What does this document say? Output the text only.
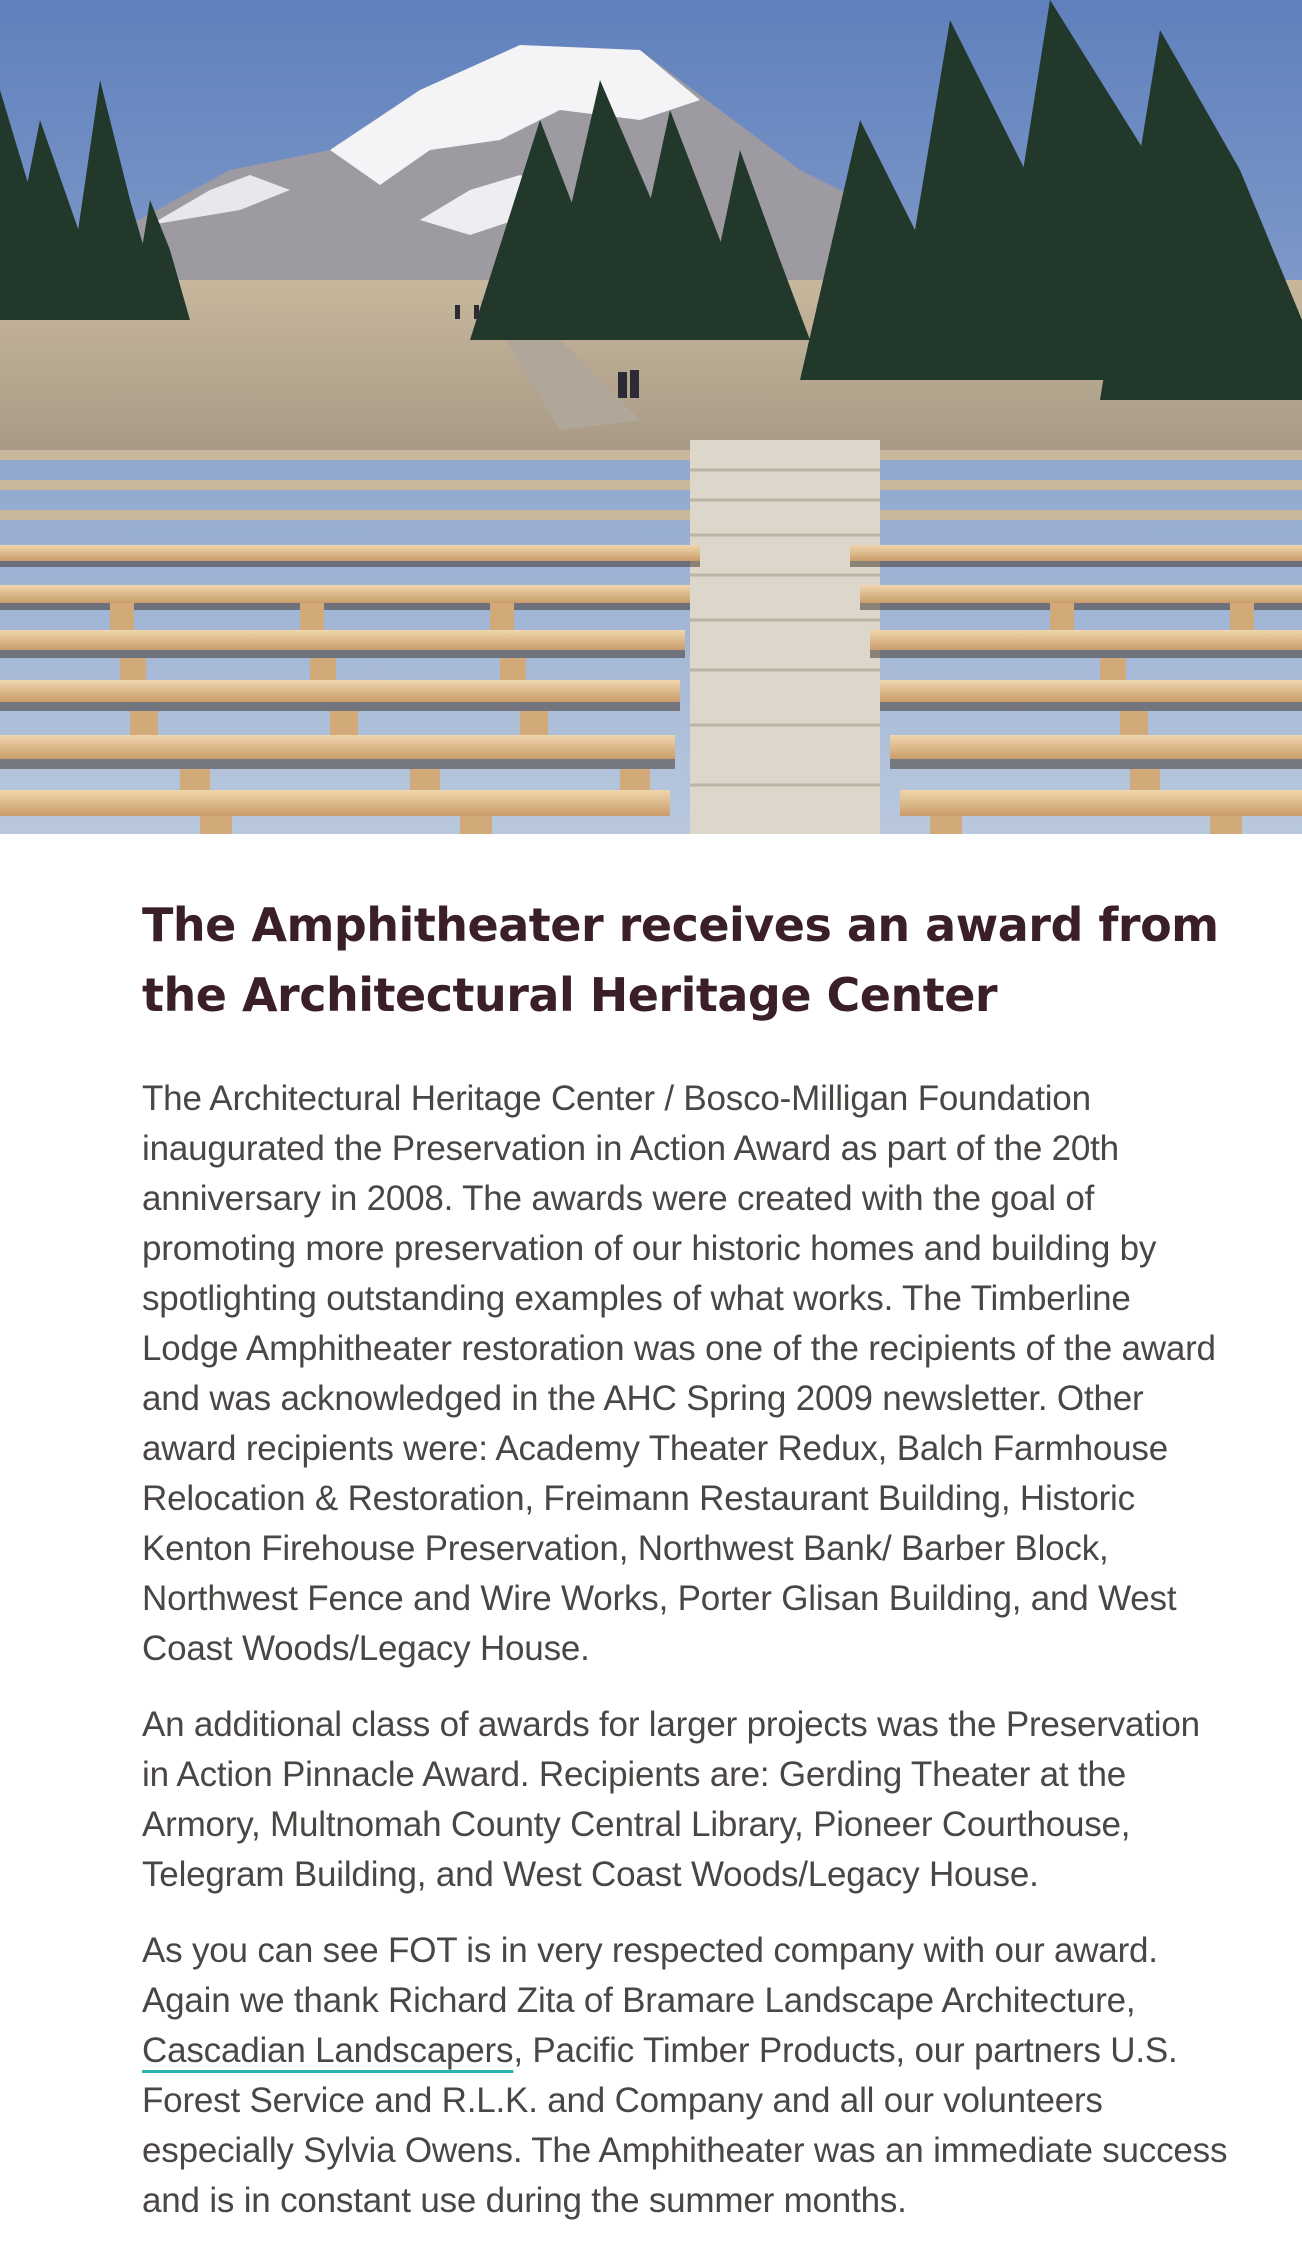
The Amphitheater receives an award from
the Architectural Heritage Center

The Architectural Heritage Center / Bosco-Milligan Foundation inaugurated the Preservation in Action Award as part of the 20th anniversary in 2008. The awards were created with the goal of promoting more preservation of our historic homes and building by spotlighting outstanding examples of what works. The Timberline Lodge Amphitheater restoration was one of the recipients of the award and was acknowledged in the AHC Spring 2009 newsletter. Other award recipients were: Academy Theater Redux, Balch Farmhouse Relocation & Restoration, Freimann Restaurant Building, Historic Kenton Firehouse Preservation, Northwest Bank/ Barber Block, Northwest Fence and Wire Works, Porter Glisan Building, and West Coast Woods/Legacy House.

An additional class of awards for larger projects was the Preservation in Action Pinnacle Award. Recipients are: Gerding Theater at the Armory, Multnomah County Central Library, Pioneer Courthouse, Telegram Building, and West Coast Woods/Legacy House.

As you can see FOT is in very respected company with our award. Again we thank Richard Zita of Bramare Landscape Architecture, Cascadian Landscapers, Pacific Timber Products, our partners U.S. Forest Service and R.L.K. and Company and all our volunteers especially Sylvia Owens. The Amphitheater was an immediate success and is in constant use during the summer months.
